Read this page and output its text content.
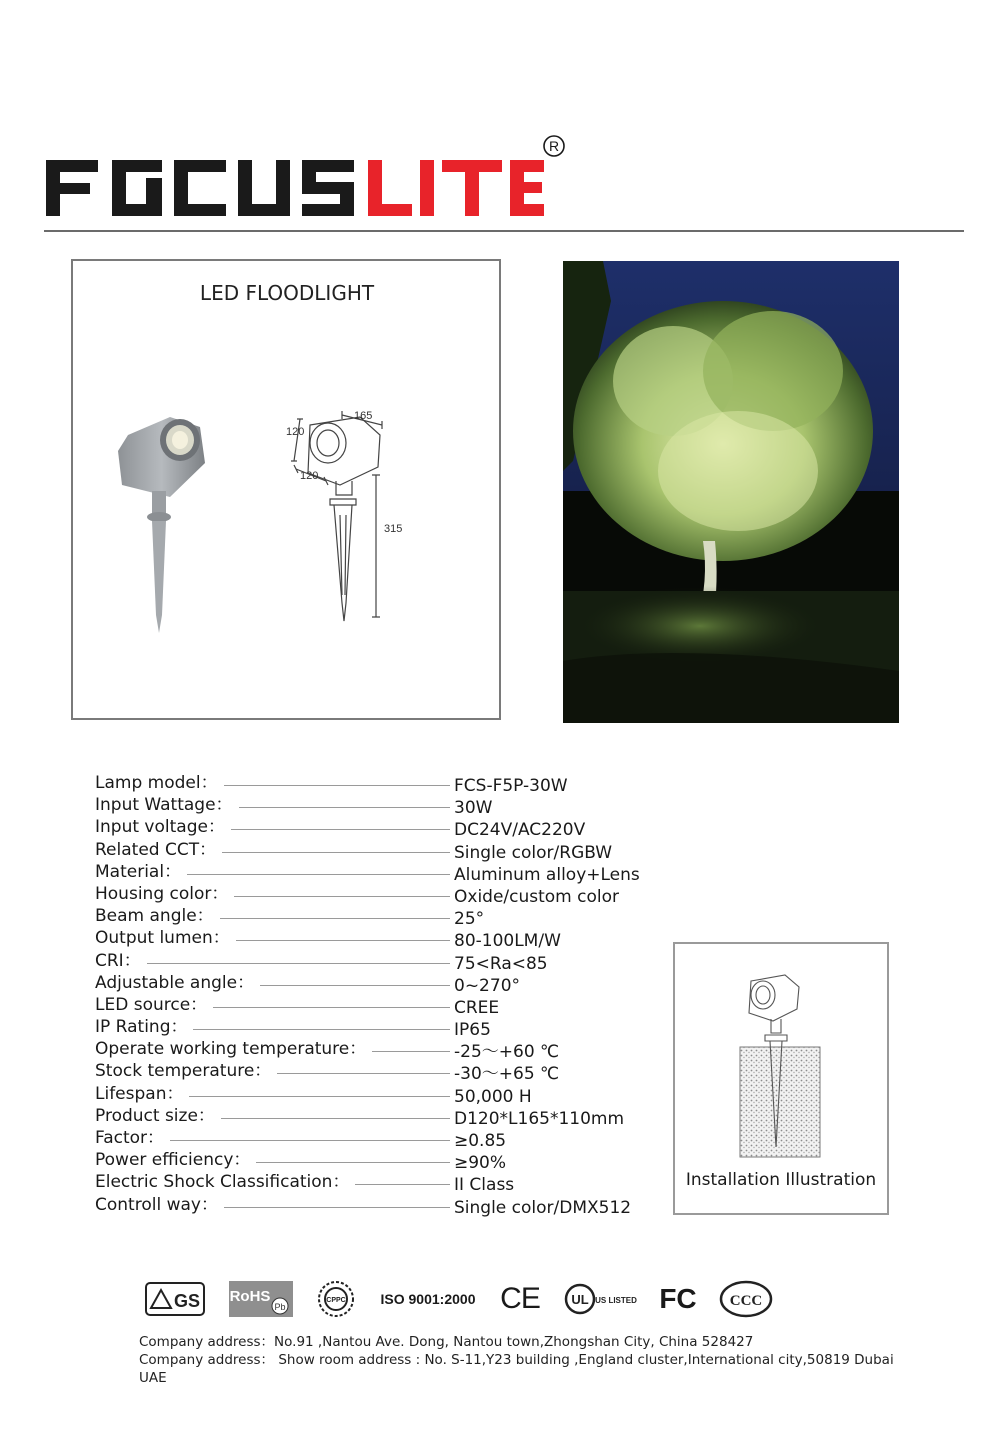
R
LED FLOODLIGHT
165
120
120
315
Lamp model：	FCS-F5P-30W
Input Wattage：	30W
Input voltage：	DC24V/AC220V
Related CCT：	Single color/RGBW
Material：	Aluminum alloy+Lens
Housing color：	Oxide/custom color
Beam angle：	25°
Output lumen：	80-100LM/W
CRI：	75<Ra<85
Adjustable angle：	0~270°
LED source：	CREE
IP Rating：	IP65
Operate working temperature：	-25～+60 ℃
Stock temperature：	-30～+65 ℃
Lifespan：	50,000 H
Product size：	D120*L165*110mm
Factor：	≥0.85
Power efficiency：	≥90%
Electric Shock Classification：	II Class
Controll way：	Single color/DMX512
Installation Illustration
GS RoHS
Pb
CPPC	ISO 9001:2000 CE UL US LISTED FC CCC
Company address：No.91 ,Nantou Ave. Dong, Nantou town,Zhongshan City, China 528427
Company address： Show room address : No. S-11,Y23 building ,England cluster,International city,50819 Dubai
UAE
